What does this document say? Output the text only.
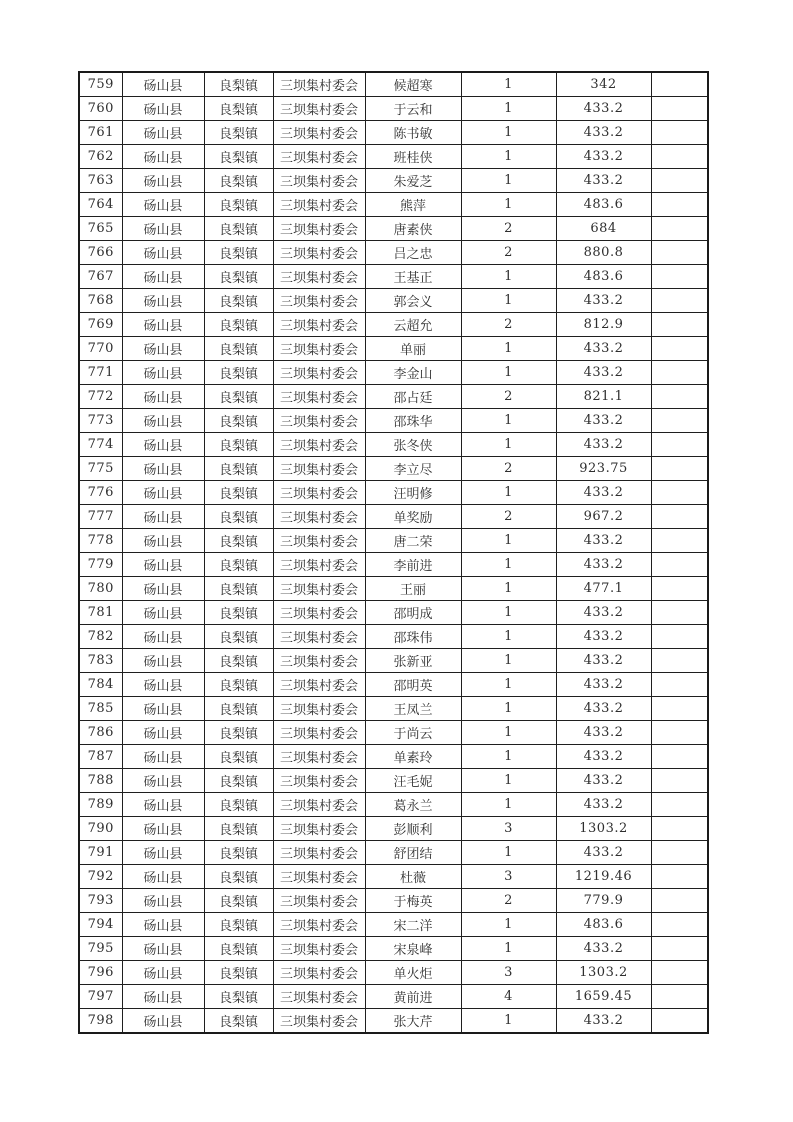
759	砀山县	良梨镇	三坝集村委会	候超寒	1	342	
760	砀山县	良梨镇	三坝集村委会	于云和	1	433.2	
761	砀山县	良梨镇	三坝集村委会	陈书敏	1	433.2	
762	砀山县	良梨镇	三坝集村委会	班桂侠	1	433.2	
763	砀山县	良梨镇	三坝集村委会	朱爱芝	1	433.2	
764	砀山县	良梨镇	三坝集村委会	熊萍	1	483.6	
765	砀山县	良梨镇	三坝集村委会	唐素侠	2	684	
766	砀山县	良梨镇	三坝集村委会	吕之忠	2	880.8	
767	砀山县	良梨镇	三坝集村委会	王基正	1	483.6	
768	砀山县	良梨镇	三坝集村委会	郭会义	1	433.2	
769	砀山县	良梨镇	三坝集村委会	云超允	2	812.9	
770	砀山县	良梨镇	三坝集村委会	单丽	1	433.2	
771	砀山县	良梨镇	三坝集村委会	李金山	1	433.2	
772	砀山县	良梨镇	三坝集村委会	邵占廷	2	821.1	
773	砀山县	良梨镇	三坝集村委会	邵珠华	1	433.2	
774	砀山县	良梨镇	三坝集村委会	张冬侠	1	433.2	
775	砀山县	良梨镇	三坝集村委会	李立尽	2	923.75	
776	砀山县	良梨镇	三坝集村委会	汪明修	1	433.2	
777	砀山县	良梨镇	三坝集村委会	单奖励	2	967.2	
778	砀山县	良梨镇	三坝集村委会	唐二荣	1	433.2	
779	砀山县	良梨镇	三坝集村委会	李前进	1	433.2	
780	砀山县	良梨镇	三坝集村委会	王丽	1	477.1	
781	砀山县	良梨镇	三坝集村委会	邵明成	1	433.2	
782	砀山县	良梨镇	三坝集村委会	邵珠伟	1	433.2	
783	砀山县	良梨镇	三坝集村委会	张新亚	1	433.2	
784	砀山县	良梨镇	三坝集村委会	邵明英	1	433.2	
785	砀山县	良梨镇	三坝集村委会	王凤兰	1	433.2	
786	砀山县	良梨镇	三坝集村委会	于尚云	1	433.2	
787	砀山县	良梨镇	三坝集村委会	单素玲	1	433.2	
788	砀山县	良梨镇	三坝集村委会	汪毛妮	1	433.2	
789	砀山县	良梨镇	三坝集村委会	葛永兰	1	433.2	
790	砀山县	良梨镇	三坝集村委会	彭顺利	3	1303.2	
791	砀山县	良梨镇	三坝集村委会	舒团结	1	433.2	
792	砀山县	良梨镇	三坝集村委会	杜薇	3	1219.46	
793	砀山县	良梨镇	三坝集村委会	于梅英	2	779.9	
794	砀山县	良梨镇	三坝集村委会	宋二洋	1	483.6	
795	砀山县	良梨镇	三坝集村委会	宋泉峰	1	433.2	
796	砀山县	良梨镇	三坝集村委会	单火炬	3	1303.2	
797	砀山县	良梨镇	三坝集村委会	黄前进	4	1659.45	
798	砀山县	良梨镇	三坝集村委会	张大芹	1	433.2	
